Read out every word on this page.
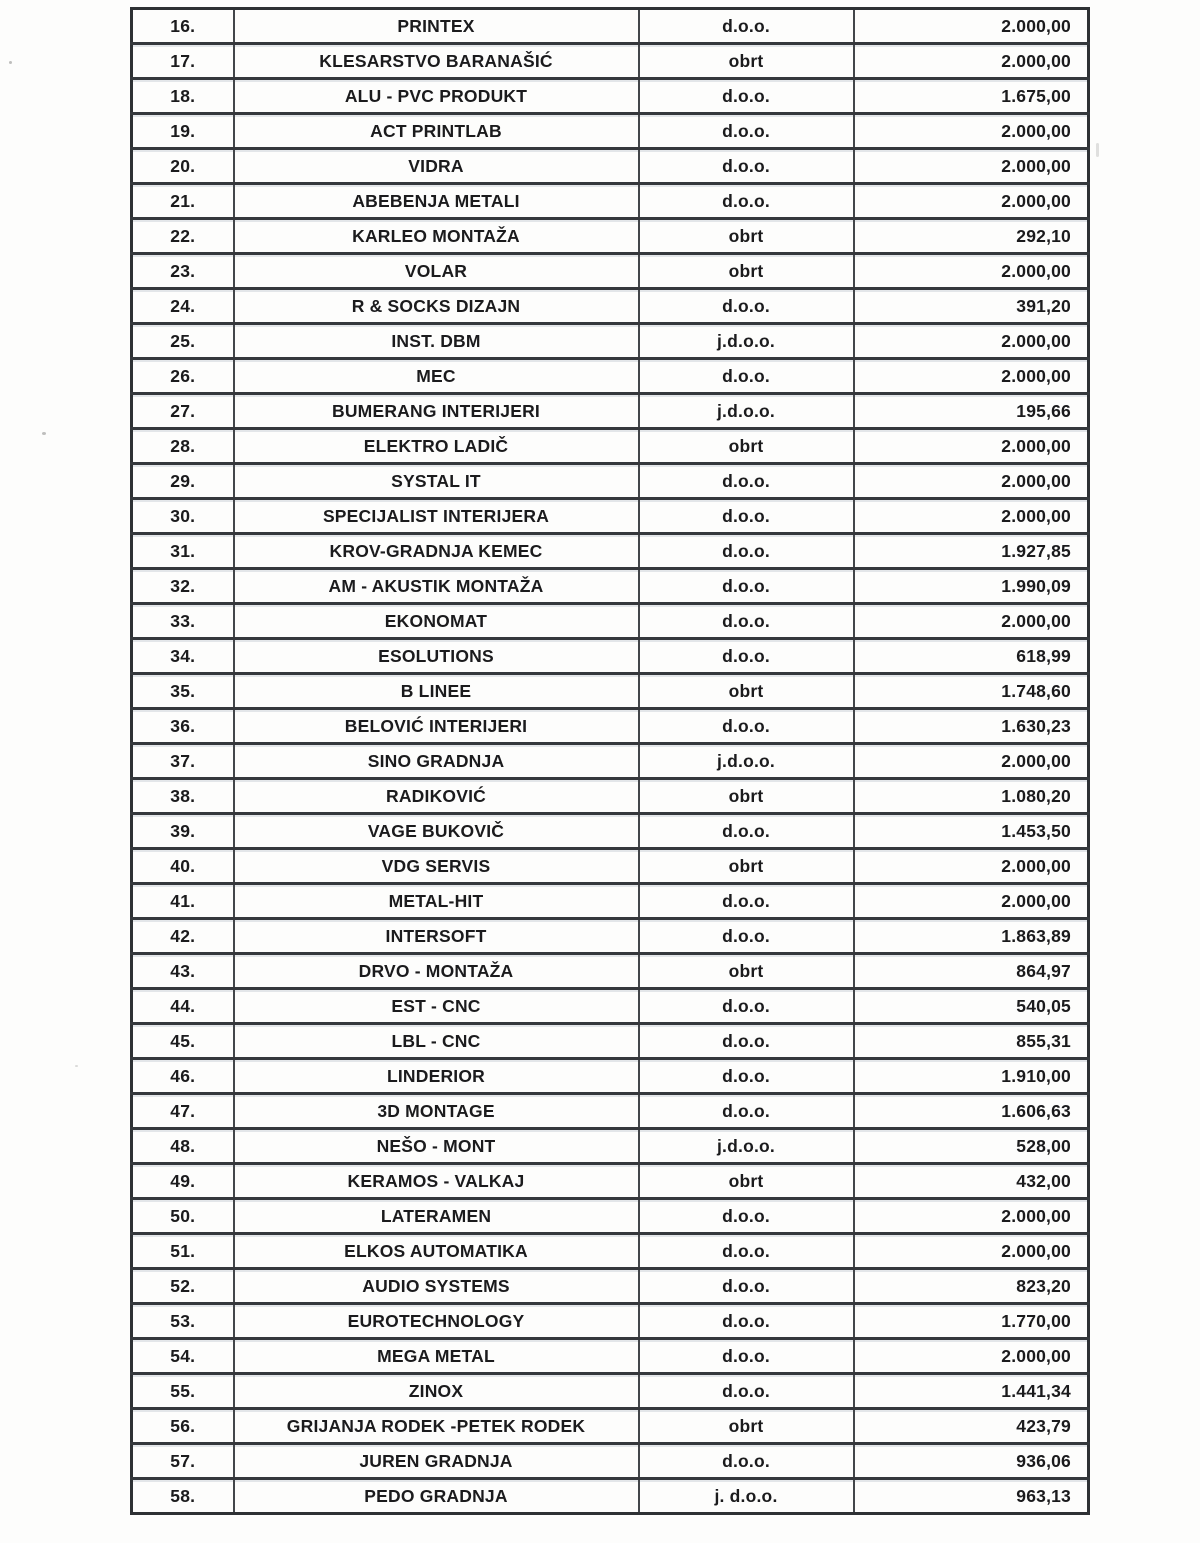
16.	PRINTEX	d.o.o.	2.000,00
17.	KLESARSTVO BARANAŠIĆ	obrt	2.000,00
18.	ALU - PVC PRODUKT	d.o.o.	1.675,00
19.	ACT PRINTLAB	d.o.o.	2.000,00
20.	VIDRA	d.o.o.	2.000,00
21.	ABEBENJA METALI	d.o.o.	2.000,00
22.	KARLEO MONTAŽA	obrt	292,10
23.	VOLAR	obrt	2.000,00
24.	R & SOCKS DIZAJN	d.o.o.	391,20
25.	INST. DBM	j.d.o.o.	2.000,00
26.	MEC	d.o.o.	2.000,00
27.	BUMERANG INTERIJERI	j.d.o.o.	195,66
28.	ELEKTRO LADIČ	obrt	2.000,00
29.	SYSTAL IT	d.o.o.	2.000,00
30.	SPECIJALIST INTERIJERA	d.o.o.	2.000,00
31.	KROV-GRADNJA KEMEC	d.o.o.	1.927,85
32.	AM - AKUSTIK MONTAŽA	d.o.o.	1.990,09
33.	EKONOMAT	d.o.o.	2.000,00
34.	ESOLUTIONS	d.o.o.	618,99
35.	B LINEE	obrt	1.748,60
36.	BELOVIĆ INTERIJERI	d.o.o.	1.630,23
37.	SINO GRADNJA	j.d.o.o.	2.000,00
38.	RADIKOVIĆ	obrt	1.080,20
39.	VAGE BUKOVIČ	d.o.o.	1.453,50
40.	VDG SERVIS	obrt	2.000,00
41.	METAL-HIT	d.o.o.	2.000,00
42.	INTERSOFT	d.o.o.	1.863,89
43.	DRVO - MONTAŽA	obrt	864,97
44.	EST - CNC	d.o.o.	540,05
45.	LBL - CNC	d.o.o.	855,31
46.	LINDERIOR	d.o.o.	1.910,00
47.	3D MONTAGE	d.o.o.	1.606,63
48.	NEŠO - MONT	j.d.o.o.	528,00
49.	KERAMOS - VALKAJ	obrt	432,00
50.	LATERAMEN	d.o.o.	2.000,00
51.	ELKOS AUTOMATIKA	d.o.o.	2.000,00
52.	AUDIO SYSTEMS	d.o.o.	823,20
53.	EUROTECHNOLOGY	d.o.o.	1.770,00
54.	MEGA METAL	d.o.o.	2.000,00
55.	ZINOX	d.o.o.	1.441,34
56.	GRIJANJA RODEK -PETEK RODEK	obrt	423,79
57.	JUREN GRADNJA	d.o.o.	936,06
58.	PEDO GRADNJA	j. d.o.o.	963,13
